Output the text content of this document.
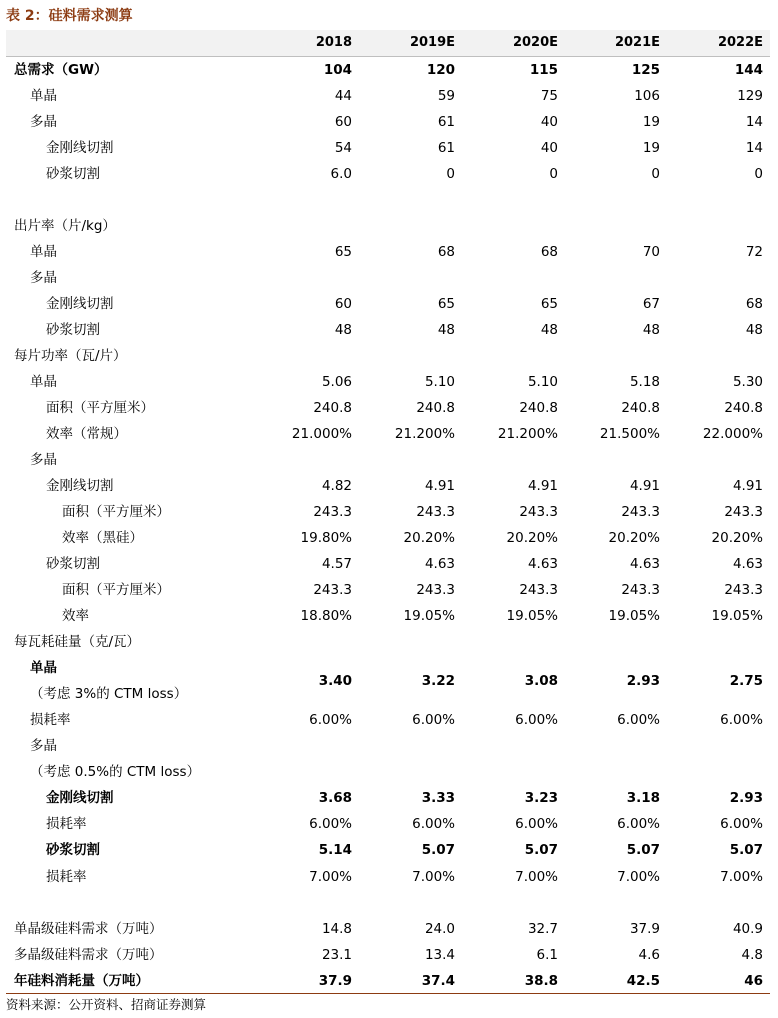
表 2：硅料需求测算
2018	2019E	2020E	2021E	2022E
总需求（GW）	104	120	115	125	144
单晶	44	59	75	106	129
多晶	60	61	40	19	14
金刚线切割	54	61	40	19	14
砂浆切割	6.0	0	0	0	0
出片率（片/kg）
单晶	65	68	68	70	72
多晶
金刚线切割	60	65	65	67	68
砂浆切割	48	48	48	48	48
每片功率（瓦/片）
单晶	5.06	5.10	5.10	5.18	5.30
面积（平方厘米）	240.8	240.8	240.8	240.8	240.8
效率（常规）	21.000%	21.200%	21.200%	21.500%	22.000%
多晶
金刚线切割	4.82	4.91	4.91	4.91	4.91
面积（平方厘米）	243.3	243.3	243.3	243.3	243.3
效率（黑硅）	19.80%	20.20%	20.20%	20.20%	20.20%
砂浆切割	4.57	4.63	4.63	4.63	4.63
面积（平方厘米）	243.3	243.3	243.3	243.3	243.3
效率	18.80%	19.05%	19.05%	19.05%	19.05%
每瓦耗硅量（克/瓦）
单晶
（考虑 3%的 CTM loss）
3.40	3.22	3.08	2.93	2.75
损耗率	6.00%	6.00%	6.00%	6.00%	6.00%
多晶
（考虑 0.5%的 CTM loss）
金刚线切割	3.68	3.33	3.23	3.18	2.93
损耗率	6.00%	6.00%	6.00%	6.00%	6.00%
砂浆切割	5.14	5.07	5.07	5.07	5.07
损耗率	7.00%	7.00%	7.00%	7.00%	7.00%
单晶级硅料需求（万吨）	14.8	24.0	32.7	37.9	40.9
多晶级硅料需求（万吨）	23.1	13.4	6.1	4.6	4.8
年硅料消耗量（万吨）	37.9	37.4	38.8	42.5	46
资料来源：公开资料、招商证券测算
